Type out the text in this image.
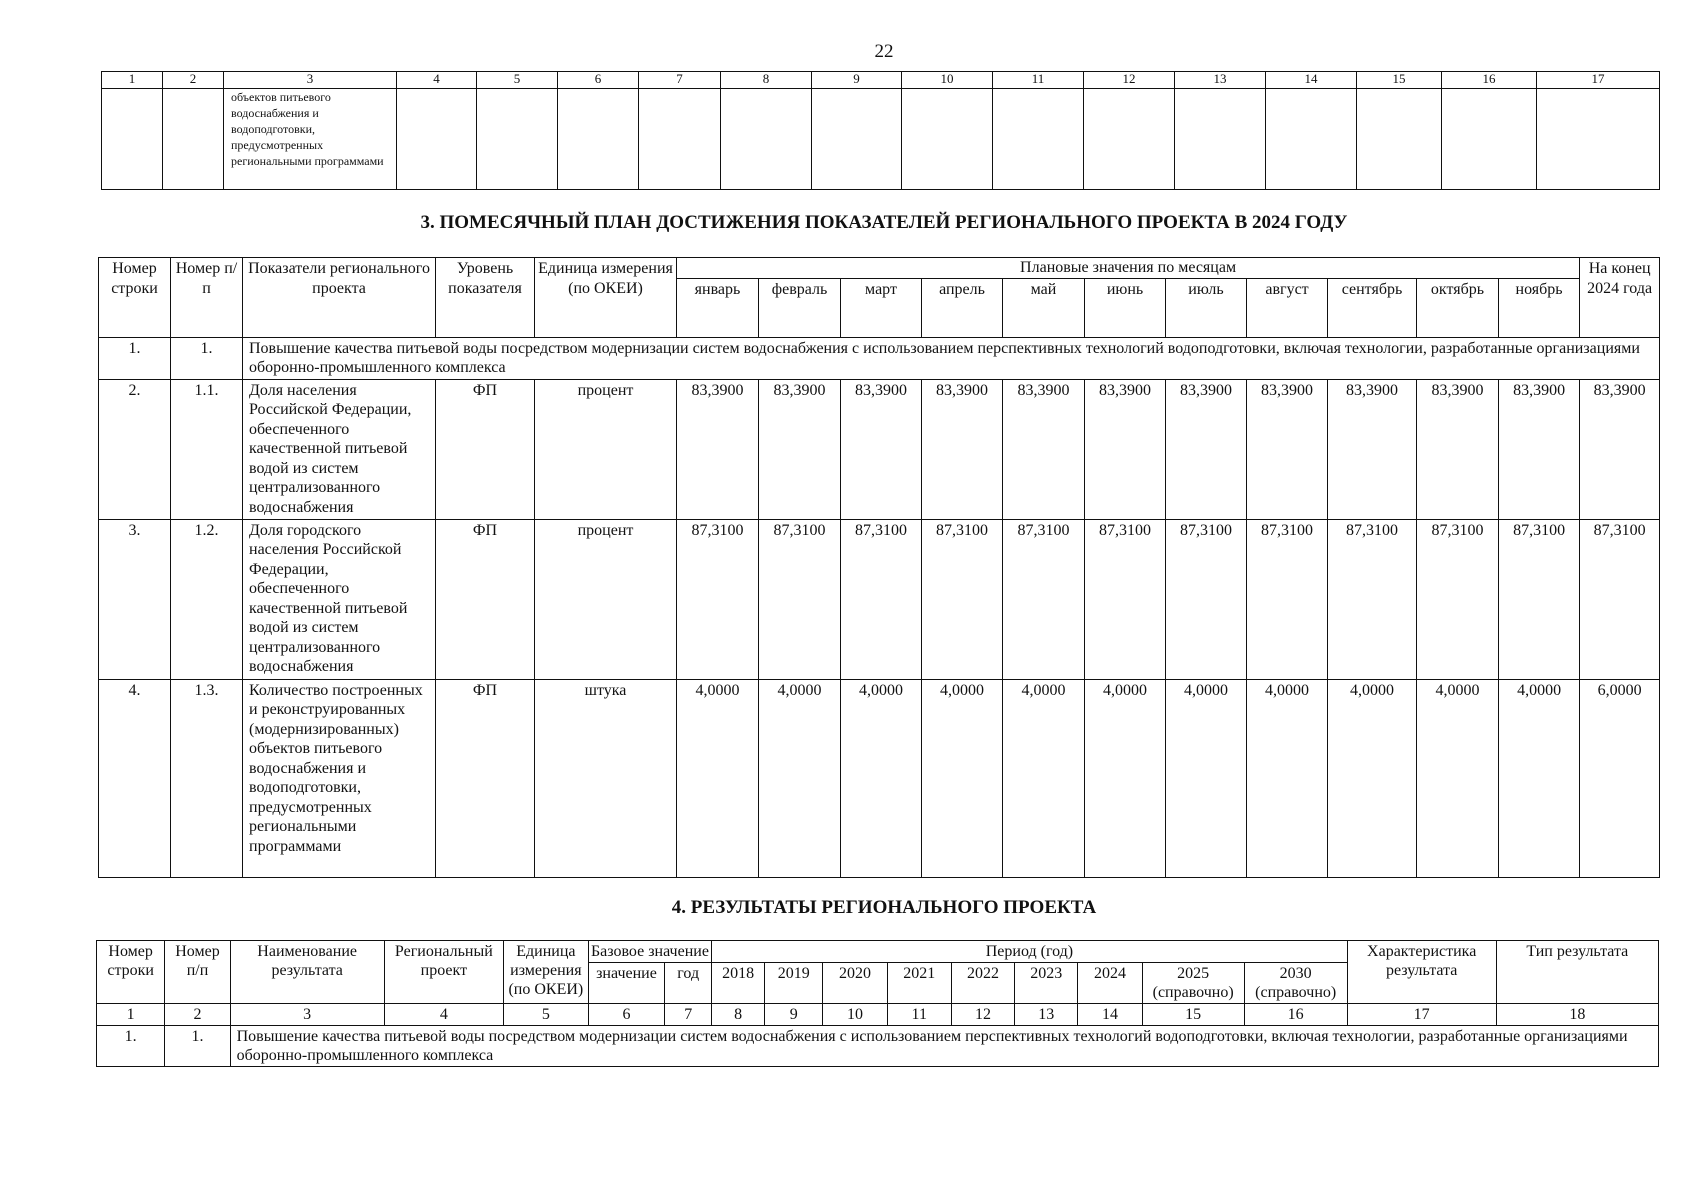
22
1	2	3	4	5	6	7	8	9	10	11	12	13	14	15	16	17
		объектов питьевого водоснабжения и водоподготовки, предусмотренных региональными программами														
3. ПОМЕСЯЧНЫЙ ПЛАН ДОСТИЖЕНИЯ ПОКАЗАТЕЛЕЙ РЕГИОНАЛЬНОГО ПРОЕКТА В 2024 ГОДУ
Номер строки	Номер п/п	Показатели регионального проекта	Уровень показателя	Единица измерения (по ОКЕИ)	Плановые значения по месяцам											На конец 2024 года
					январь	февраль	март	апрель	май	июнь	июль	август	сентябрь	октябрь	ноябрь	
1.	1.	Повышение качества питьевой воды посредством модернизации систем водоснабжения с использованием перспективных технологий водоподготовки, включая технологии, разработанные организациями оборонно-промышленного комплекса														
2.	1.1.	Доля населения Российской Федерации, обеспеченного качественной питьевой водой из систем централизованного водоснабжения	ФП	процент	83,3900	83,3900	83,3900	83,3900	83,3900	83,3900	83,3900	83,3900	83,3900	83,3900	83,3900	83,3900
3.	1.2.	Доля городского населения Российской Федерации, обеспеченного качественной питьевой водой из систем централизованного водоснабжения	ФП	процент	87,3100	87,3100	87,3100	87,3100	87,3100	87,3100	87,3100	87,3100	87,3100	87,3100	87,3100	87,3100
4.	1.3.	Количество построенных и реконструированных (модернизированных) объектов питьевого водоснабжения и водоподготовки, предусмотренных региональными программами	ФП	штука	4,0000	4,0000	4,0000	4,0000	4,0000	4,0000	4,0000	4,0000	4,0000	4,0000	4,0000	6,0000
4. РЕЗУЛЬТАТЫ РЕГИОНАЛЬНОГО ПРОЕКТА
Номер строки	Номер п/п	Наименование результата	Региональный проект	Единица измерения (по ОКЕИ)	Базовое значение		Период (год)									Характеристика результата	Тип результата
					значение	год	2018	2019	2020	2021	2022	2023	2024	2025 (справочно)	2030 (справочно)		
1	2	3	4	5	6	7	8	9	10	11	12	13	14	15	16	17	18
1.	1.	Повышение качества питьевой воды посредством модернизации систем водоснабжения с использованием перспективных технологий водоподготовки, включая технологии, разработанные организациями оборонно-промышленного комплекса															
